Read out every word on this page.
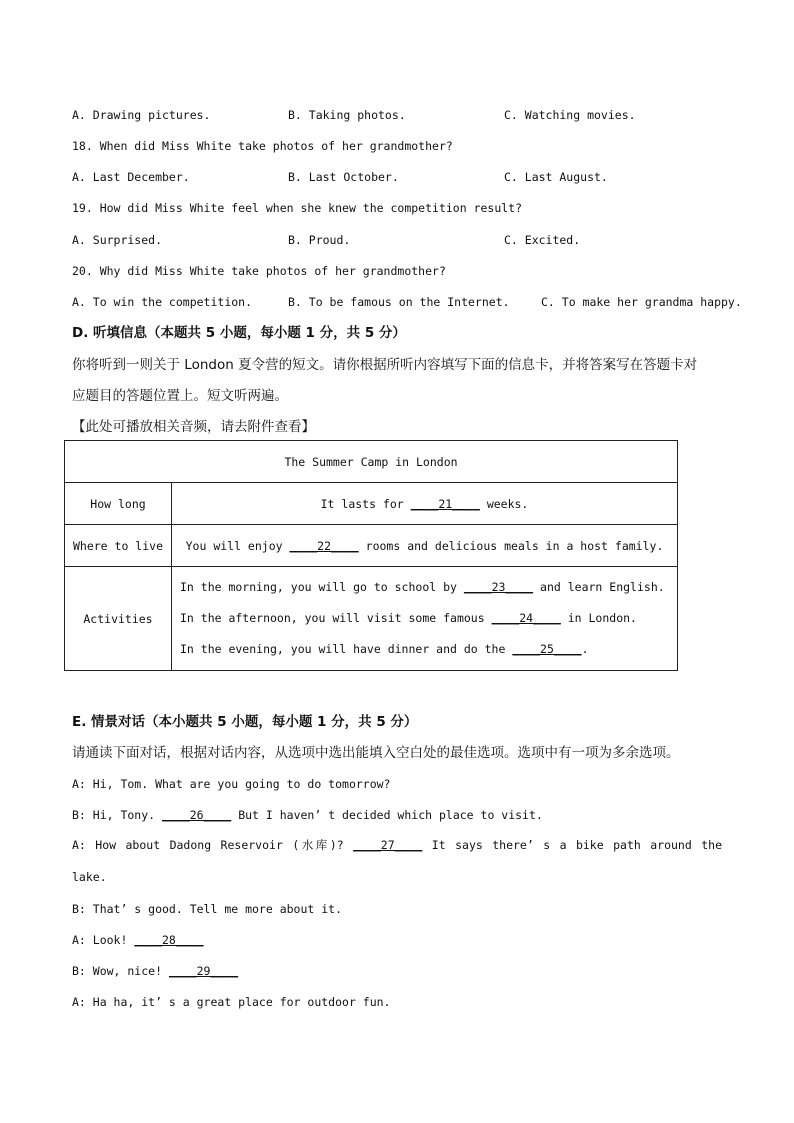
A. Drawing pictures.	B. Taking photos.	C. Watching movies.
18. When did Miss White take photos of her grandmother?
A. Last December.	B. Last October.	C. Last August.
19. How did Miss White feel when she knew the competition result?
A. Surprised.	B. Proud.	C. Excited.
20. Why did Miss White take photos of her grandmother?
A. To win the competition.	B. To be famous on the Internet.	C. To make her grandma happy.
D. 听填信息（本题共 5 小题，每小题 1 分，共 5 分）
你将听到一则关于 London 夏令营的短文。请你根据所听内容填写下面的信息卡，并将答案写在答题卡对
应题目的答题位置上。短文听两遍。
【此处可播放相关音频，请去附件查看】
The Summer Camp in London	
How long	It lasts for ____21____ weeks.
Where to live	You will enjoy ____22____ rooms and delicious meals in a host family.
Activities	In the morning, you will go to school by ____23____ and learn English.
In the afternoon, you will visit some famous ____24____ in London.
In the evening, you will have dinner and do the ____25____.
E. 情景对话（本小题共 5 小题，每小题 1 分，共 5 分）
请通读下面对话，根据对话内容，从选项中选出能填入空白处的最佳选项。选项中有一项为多余选项。
A: Hi, Tom. What are you going to do tomorrow?
B: Hi, Tony. ____26____ But I haven’ t decided which place to visit.
A: How about Dadong Reservoir (水库)? ____27____ It says there’ s a bike path around the
lake.
B: That’ s good. Tell me more about it.
A: Look! ____28____
B: Wow, nice! ____29____
A: Ha ha, it’ s a great place for outdoor fun.
